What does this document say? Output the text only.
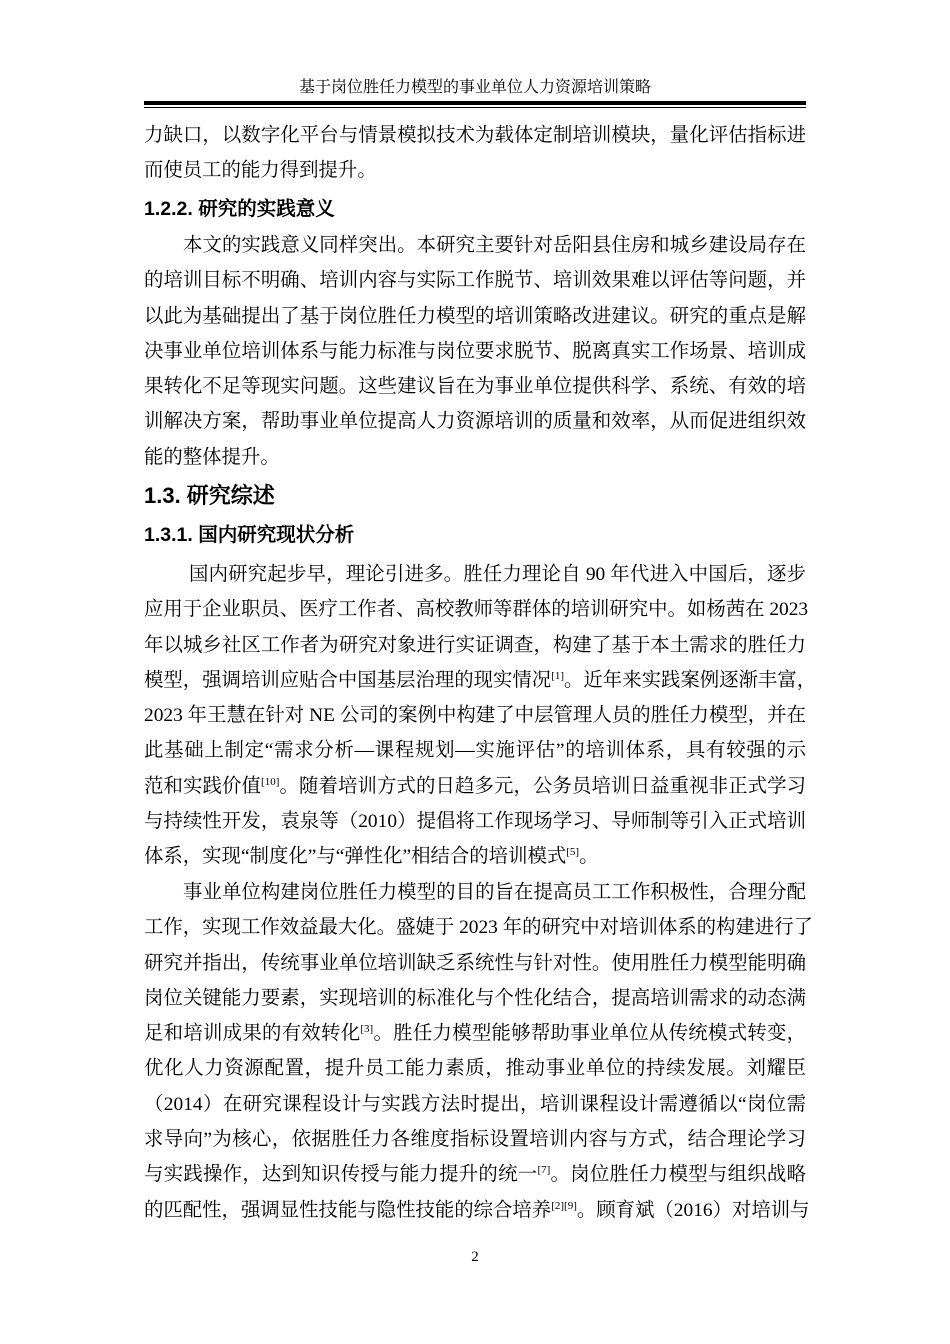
基于岗位胜任力模型的事业单位人力资源培训策略
力缺口，以数字化平台与情景模拟技术为载体定制培训模块，量化评估指标进
而使员工的能力得到提升。
1.2.2. 研究的实践意义
本文的实践意义同样突出。本研究主要针对岳阳县住房和城乡建设局存在
的培训目标不明确、培训内容与实际工作脱节、培训效果难以评估等问题，并
以此为基础提出了基于岗位胜任力模型的培训策略改进建议。研究的重点是解
决事业单位培训体系与能力标准与岗位要求脱节、脱离真实工作场景、培训成
果转化不足等现实问题。这些建议旨在为事业单位提供科学、系统、有效的培
训解决方案，帮助事业单位提高人力资源培训的质量和效率，从而促进组织效
能的整体提升。
1.3. 研究综述
1.3.1. 国内研究现状分析
国内研究起步早，理论引进多。胜任力理论自 90 年代进入中国后，逐步
应用于企业职员、医疗工作者、高校教师等群体的培训研究中。如杨茜在 2023
年以城乡社区工作者为研究对象进行实证调查，构建了基于本土需求的胜任力
模型，强调培训应贴合中国基层治理的现实情况[1]。近年来实践案例逐渐丰富，
2023 年王慧在针对 NE 公司的案例中构建了中层管理人员的胜任力模型，并在
此基础上制定“需求分析—课程规划—实施评估”的培训体系，具有较强的示
范和实践价值[10]。随着培训方式的日趋多元，公务员培训日益重视非正式学习
与持续性开发，袁泉等（2010）提倡将工作现场学习、导师制等引入正式培训
体系，实现“制度化”与“弹性化”相结合的培训模式[5]。
事业单位构建岗位胜任力模型的目的旨在提高员工工作积极性，合理分配
工作，实现工作效益最大化。盛婕于 2023 年的研究中对培训体系的构建进行了
研究并指出，传统事业单位培训缺乏系统性与针对性。使用胜任力模型能明确
岗位关键能力要素，实现培训的标准化与个性化结合，提高培训需求的动态满
足和培训成果的有效转化[3]。胜任力模型能够帮助事业单位从传统模式转变，
优化人力资源配置，提升员工能力素质，推动事业单位的持续发展。刘耀臣
（2014）在研究课程设计与实践方法时提出，培训课程设计需遵循以“岗位需
求导向”为核心，依据胜任力各维度指标设置培训内容与方式，结合理论学习
与实践操作，达到知识传授与能力提升的统一[7]。岗位胜任力模型与组织战略
的匹配性，强调显性技能与隐性技能的综合培养[2][9]。顾育斌（2016）对培训与
2
